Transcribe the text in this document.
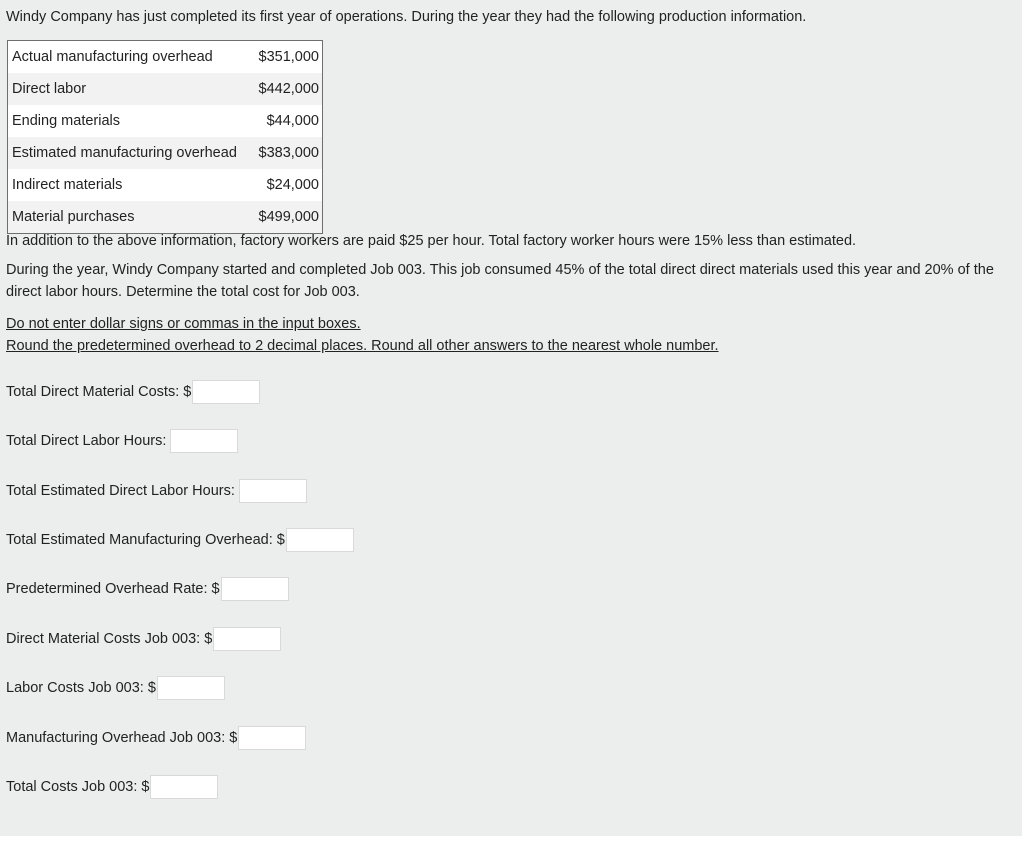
Windy Company has just completed its first year of operations. During the year they had the following production information.
Actual manufacturing overhead	$351,000
Direct labor	$442,000
Ending materials	$44,000
Estimated manufacturing overhead	$383,000
Indirect materials	$24,000
Material purchases	$499,000
In addition to the above information, factory workers are paid $25 per hour. Total factory worker hours were 15% less than estimated.
During the year, Windy Company started and completed Job 003. This job consumed 45% of the total direct direct materials used this year and 20% of the direct labor hours. Determine the total cost for Job 003.
Do not enter dollar signs or commas in the input boxes.
Round the predetermined overhead to 2 decimal places. Round all other answers to the nearest whole number.
Total Direct Material Costs: $
Total Direct Labor Hours:
Total Estimated Direct Labor Hours:
Total Estimated Manufacturing Overhead: $
Predetermined Overhead Rate: $
Direct Material Costs Job 003: $
Labor Costs Job 003: $
Manufacturing Overhead Job 003: $
Total Costs Job 003: $
